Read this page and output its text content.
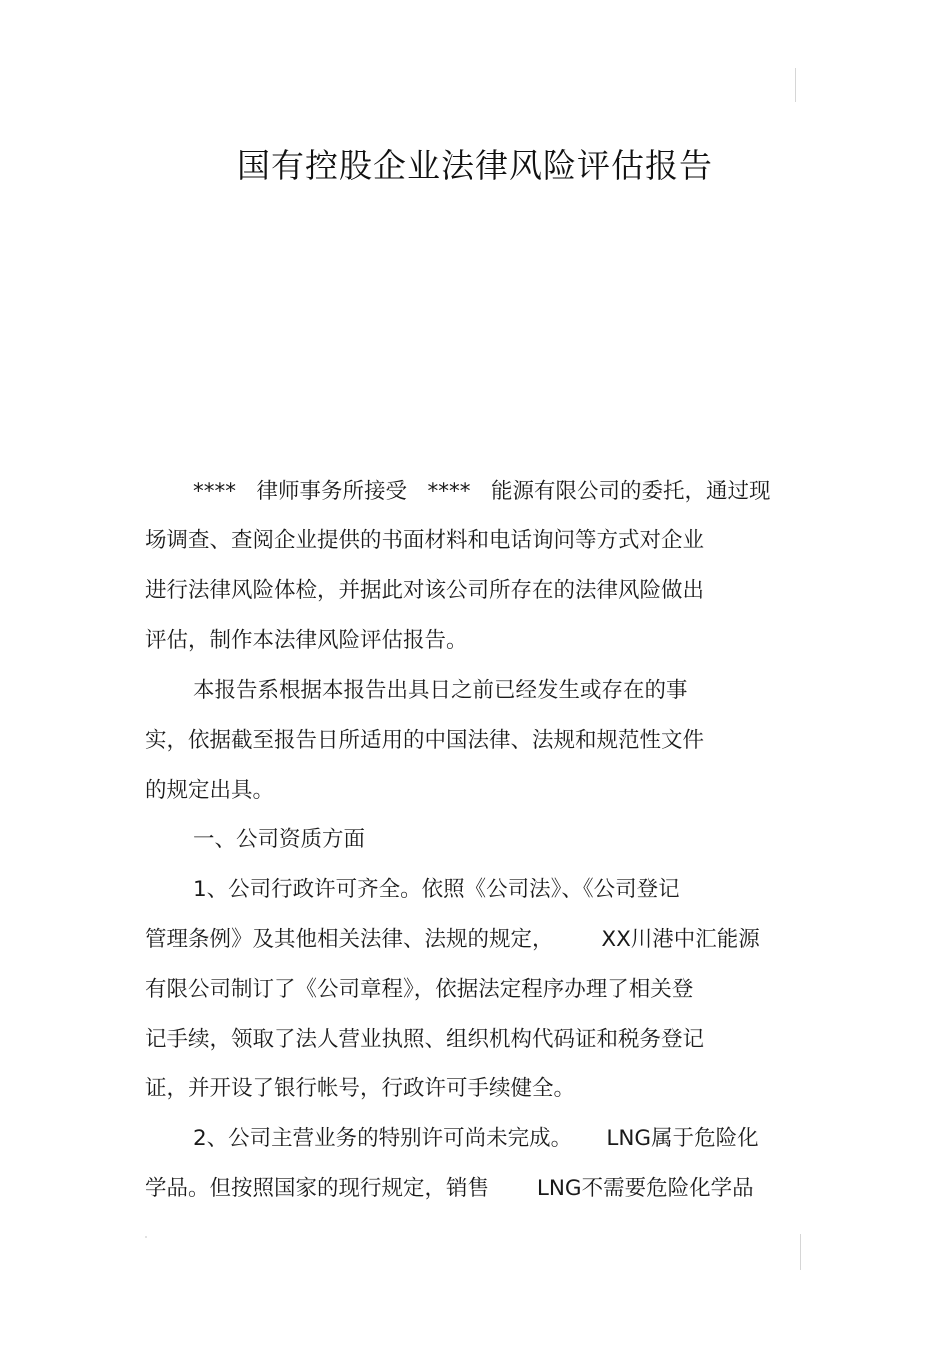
国有控股企业法律风险评估报告
****   律师事务所接受   ****   能源有限公司的委托，通过现
场调查、查阅企业提供的书面材料和电话询问等方式对企业
进行法律风险体检，并据此对该公司所存在的法律风险做出
评估，制作本法律风险评估报告。
本报告系根据本报告出具日之前已经发生或存在的事
实，依据截至报告日所适用的中国法律、法规和规范性文件
的规定出具。
一、公司资质方面
1、公司行政许可齐全。依照《公司法》、《公司登记
管理条例》及其他相关法律、法规的规定，       XX川港中汇能源
有限公司制订了《公司章程》，依据法定程序办理了相关登
记手续，领取了法人营业执照、组织机构代码证和税务登记
证，并开设了银行帐号，行政许可手续健全。
2、公司主营业务的特别许可尚未完成。     LNG属于危险化
学品。但按照国家的现行规定，销售       LNG不需要危险化学品
